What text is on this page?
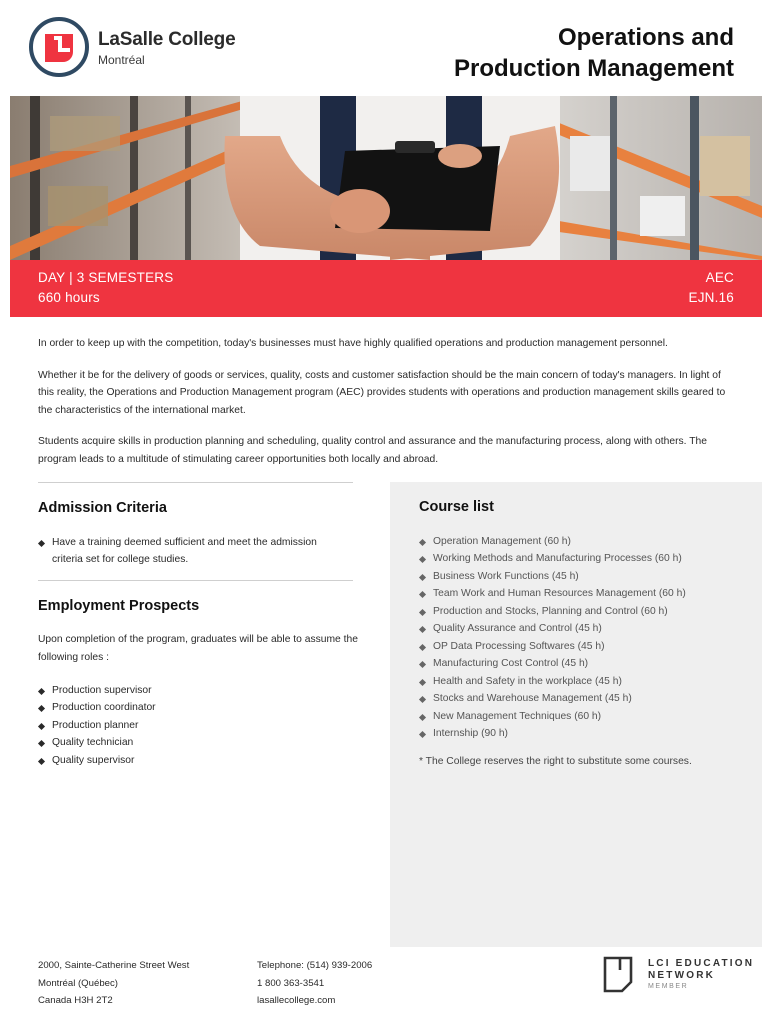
LaSalle College
Montréal
Operations and
Production Management
DAY | 3 SEMESTERS
660 hours
AEC
EJN.16

In order to keep up with the competition, today's businesses must have highly qualified operations and production management personnel.

Whether it be for the delivery of goods or services, quality, costs and customer satisfaction should be the main concern of today's managers. In light of this reality, the Operations and Production Management program (AEC) provides students with operations and production management skills geared to the characteristics of the international market.

Students acquire skills in production planning and scheduling, quality control and assurance and the manufacturing process, along with others. The program leads to a multitude of stimulating career opportunities both locally and abroad.

Admission Criteria
Have a training deemed sufficient and meet the admission criteria set for college studies.
Employment Prospects
Upon completion of the program, graduates will be able to assume the following roles :
Production supervisor
Production coordinator
Production planner
Quality technician
Quality supervisor
Course list
Operation Management (60 h)
Working Methods and Manufacturing Processes (60 h)
Business Work Functions (45 h)
Team Work and Human Resources Management (60 h)
Production and Stocks, Planning and Control (60 h)
Quality Assurance and Control (45 h)
OP Data Processing Softwares (45 h)
Manufacturing Cost Control (45 h)
Health and Safety in the workplace (45 h)
Stocks and Warehouse Management (45 h)
New Management Techniques (60 h)
Internship (90 h)
* The College reserves the right to substitute some courses.
2000, Sainte-Catherine Street West
Montréal (Québec)
Canada H3H 2T2
Telephone: (514) 939-2006
1 800 363-3541
lasallecollege.com
LCI EDUCATION
NETWORK
MEMBER
